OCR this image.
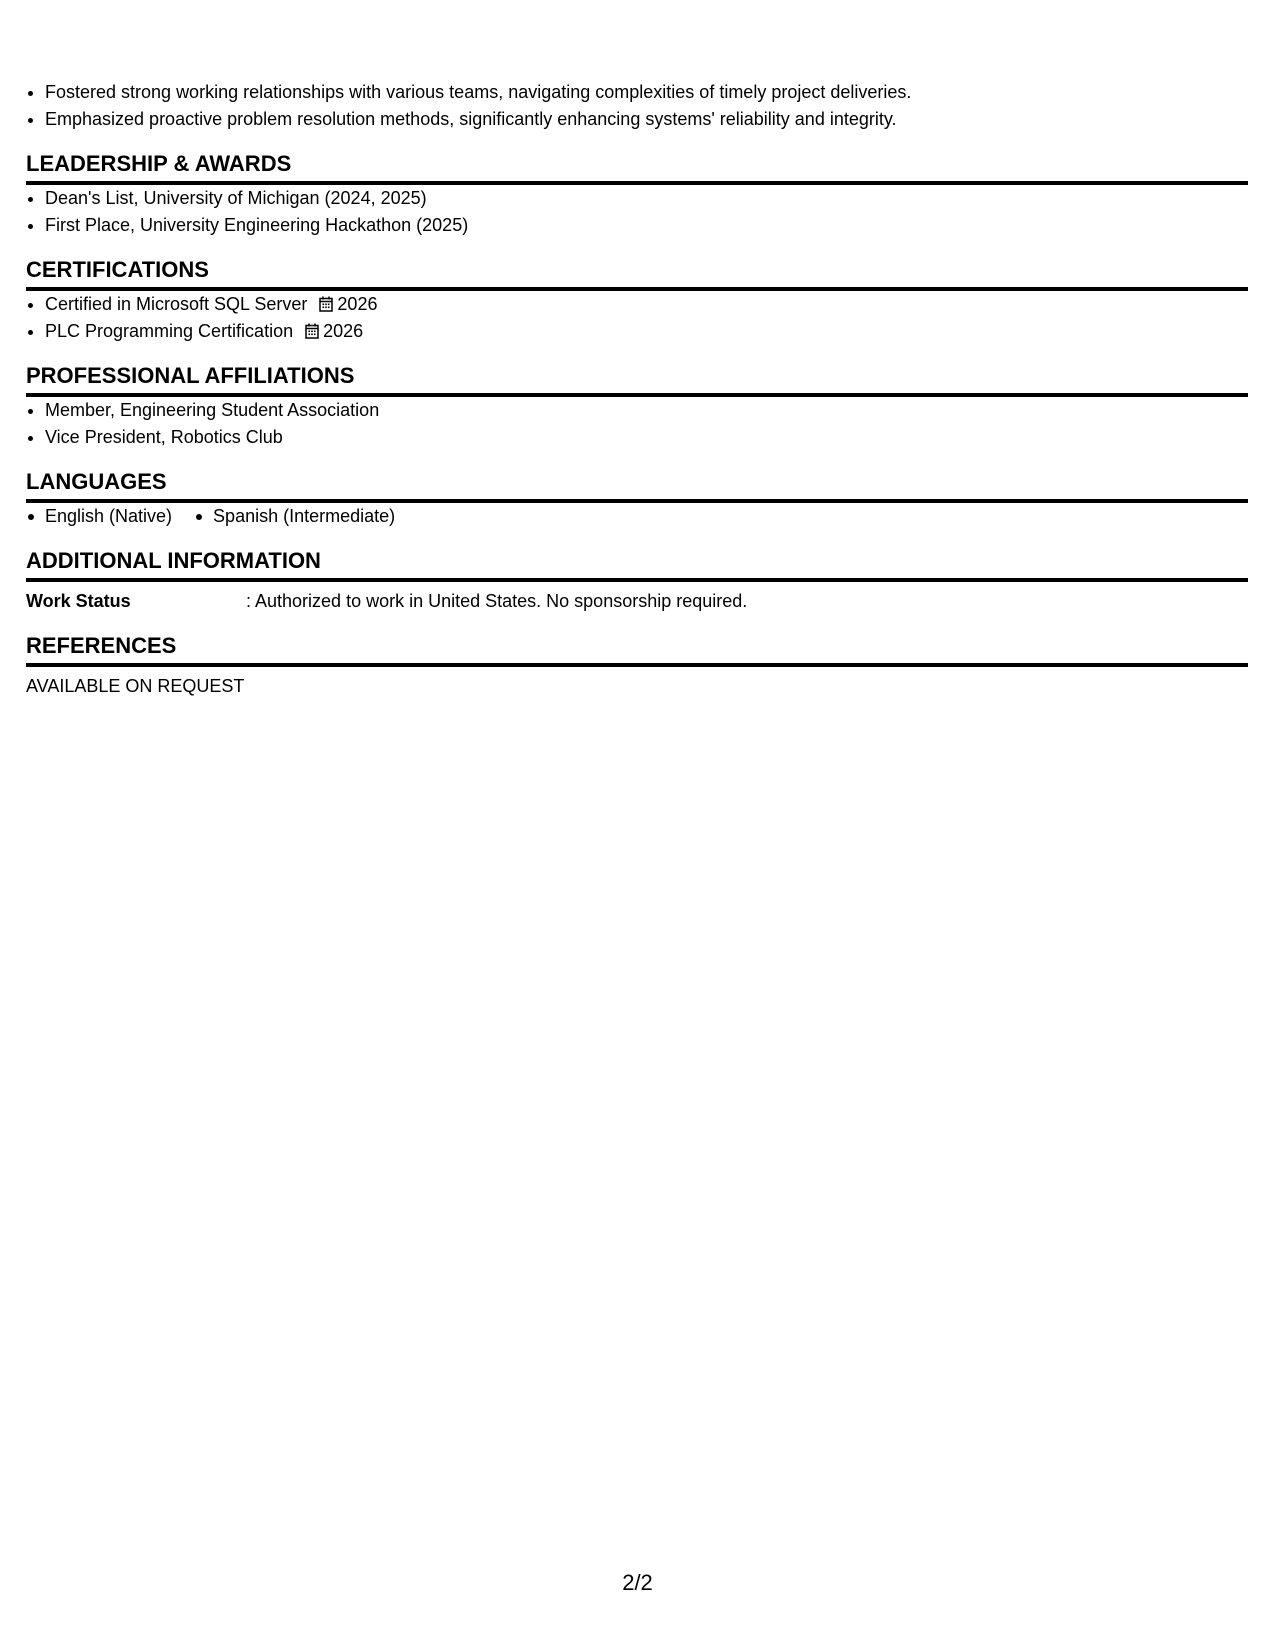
• Fostered strong working relationships with various teams, navigating complexities of timely project deliveries.
• Emphasized proactive problem resolution methods, significantly enhancing systems' reliability and integrity.
LEADERSHIP & AWARDS
• Dean's List, University of Michigan (2024, 2025)
• First Place, University Engineering Hackathon (2025)
CERTIFICATIONS
• Certified in Microsoft SQL Server 2026
• PLC Programming Certification 2026
PROFESSIONAL AFFILIATIONS
• Member, Engineering Student Association
• Vice President, Robotics Club
LANGUAGES
English (Native)	Spanish (Intermediate)
ADDITIONAL INFORMATION
Work Status	: Authorized to work in United States. No sponsorship required.
REFERENCES
AVAILABLE ON REQUEST
2/2
